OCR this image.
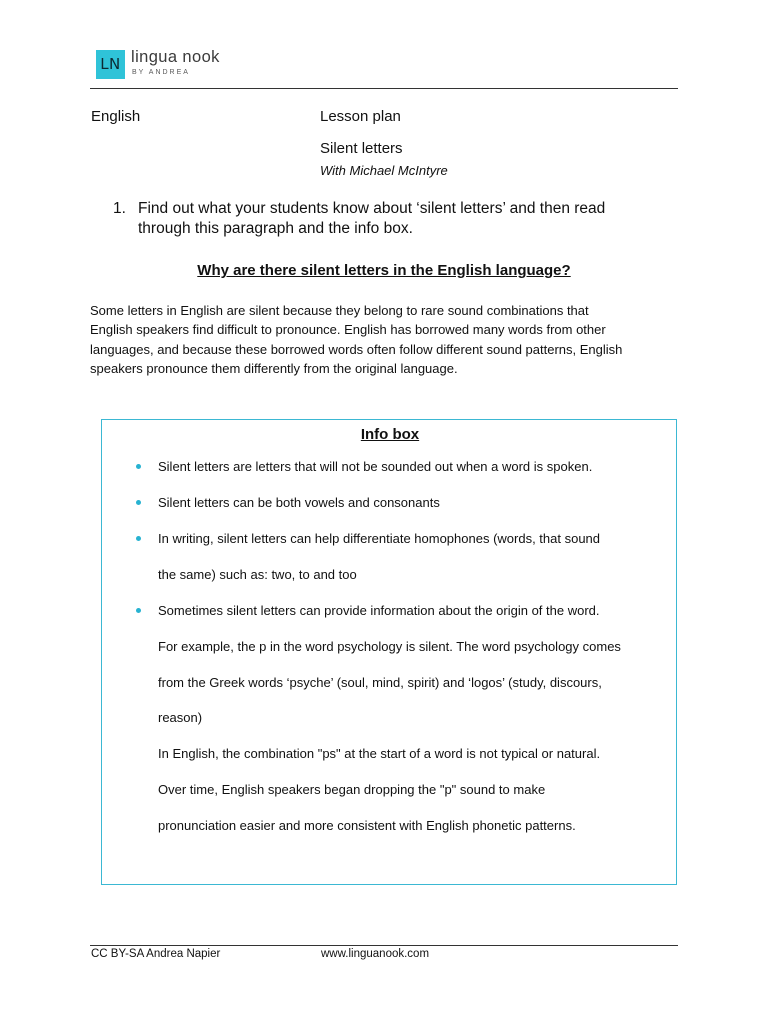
LN lingua nook
BY ANDREA
English	Lesson plan
Silent letters
With Michael McIntyre
1. Find out what your students know about ‘silent letters’ and then read
through this paragraph and the info box.
Why are there silent letters in the English language?
Some letters in English are silent because they belong to rare sound combinations that
English speakers find difficult to pronounce. English has borrowed many words from other
languages, and because these borrowed words often follow different sound patterns, English
speakers pronounce them differently from the original language.
Info box
Silent letters are letters that will not be sounded out when a word is spoken.
Silent letters can be both vowels and consonants
In writing, silent letters can help differentiate homophones (words, that sound
the same) such as: two, to and too
Sometimes silent letters can provide information about the origin of the word.
For example, the p in the word psychology is silent. The word psychology comes
from the Greek words ‘psyche’ (soul, mind, spirit) and ‘logos’ (study, discours,
reason)
In English, the combination "ps" at the start of a word is not typical or natural.
Over time, English speakers began dropping the "p" sound to make
pronunciation easier and more consistent with English phonetic patterns.
CC BY-SA Andrea Napier	www.linguanook.com
